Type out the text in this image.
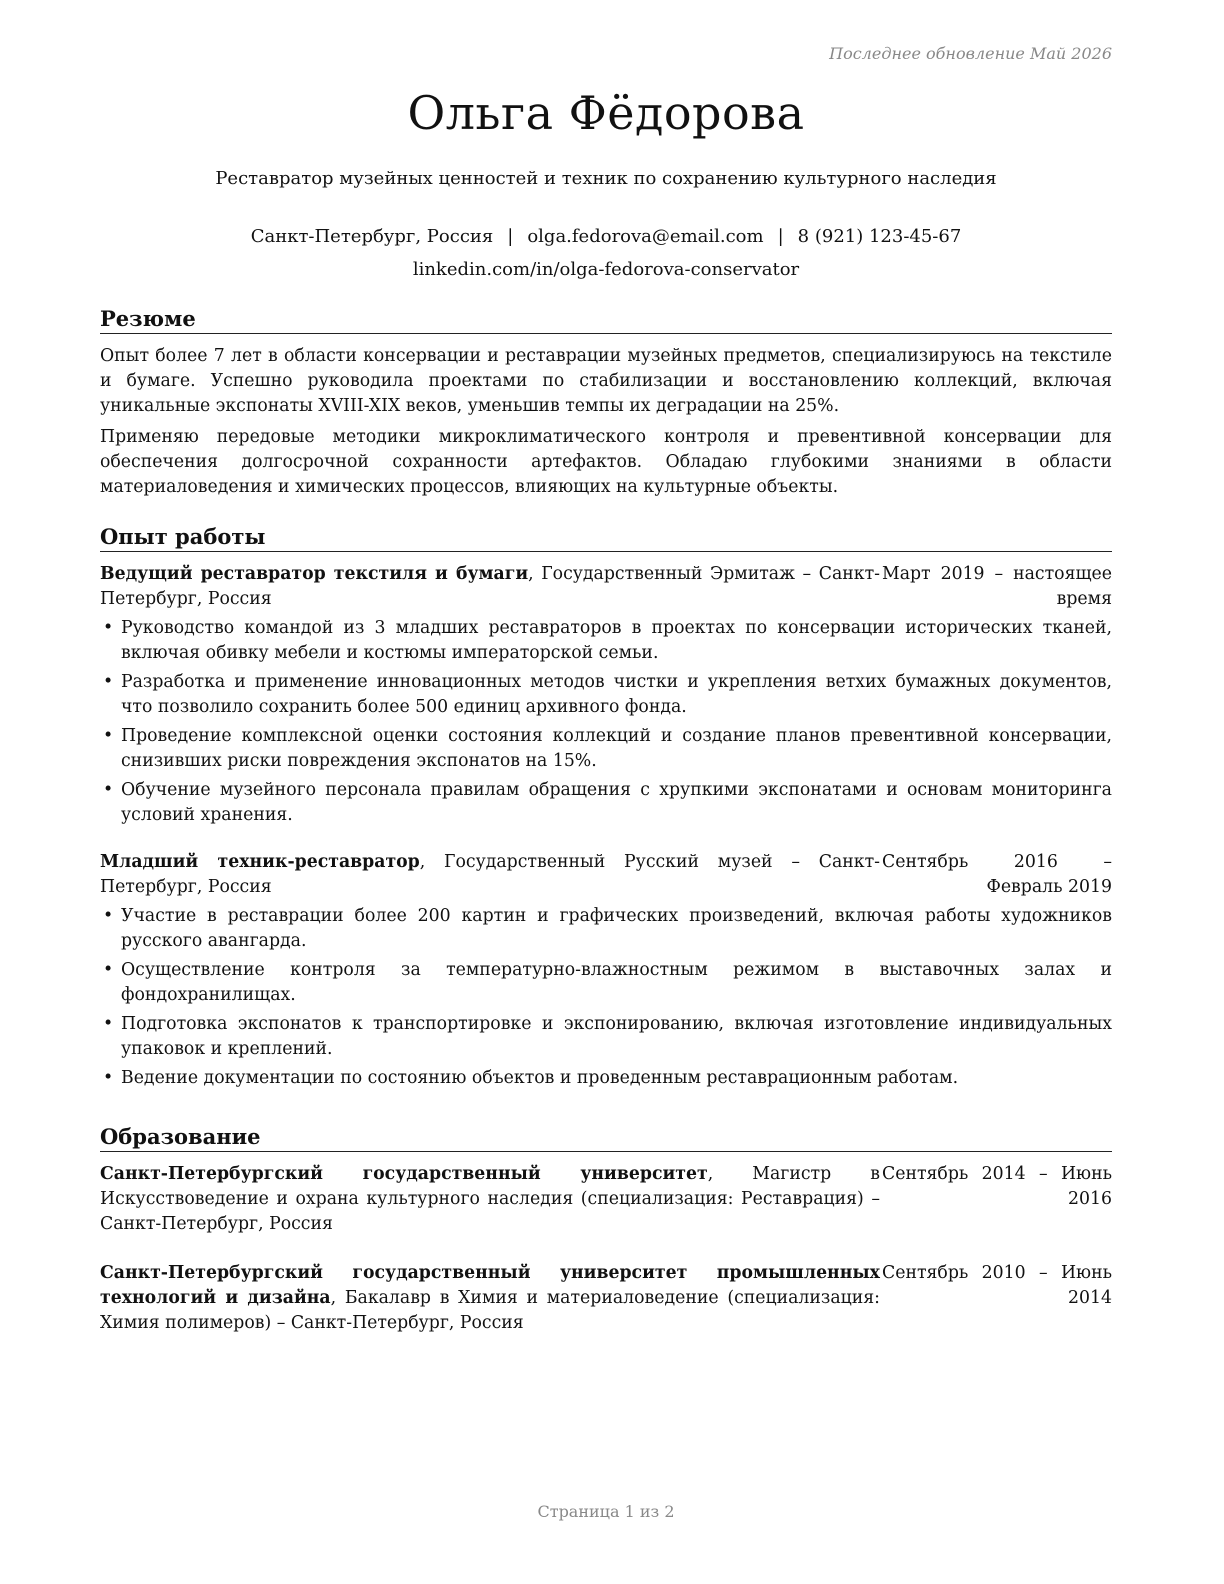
Последнее обновление Май 2026
Ольга Фёдорова
Реставратор музейных ценностей и техник по сохранению культурного наследия
Санкт-Петербург, Россия | olga.fedorova@email.com | 8 (921) 123-45-67
linkedin.com/in/olga-fedorova-conservator
Резюме

Опыт более 7 лет в области консервации и реставрации музейных предметов, специализируюсь на текстиле и бумаге. Успешно руководила проектами по стабилизации и восстановлению коллекций, включая уникальные экспонаты XVIII-XIX веков, уменьшив темпы их деградации на 25%.

Применяю передовые методики микроклиматического контроля и превентивной консервации для обеспечения долгосрочной сохранности артефактов. Обладаю глубокими знаниями в области материаловедения и химических процессов, влияющих на культурные объекты.

Опыт работы
Ведущий реставратор текстиля и бумаги, Государственный Эрмитаж – Санкт-Петербург, Россия
Март 2019 – настоящее время
• Руководство командой из 3 младших реставраторов в проектах по консервации исторических тканей, включая обивку мебели и костюмы императорской семьи.
• Разработка и применение инновационных методов чистки и укрепления ветхих бумажных документов, что позволило сохранить более 500 единиц архивного фонда.
• Проведение комплексной оценки состояния коллекций и создание планов превентивной консервации, снизивших риски повреждения экспонатов на 15%.
• Обучение музейного персонала правилам обращения с хрупкими экспонатами и основам мониторинга условий хранения.
Младший техник-реставратор, Государственный Русский музей – Санкт-Петербург, Россия
Сентябрь 2016 – Февраль 2019
• Участие в реставрации более 200 картин и графических произведений, включая работы художников русского авангарда.
• Осуществление контроля за температурно-влажностным режимом в выставочных залах и фондохранилищах.
• Подготовка экспонатов к транспортировке и экспонированию, включая изготовление индивидуальных упаковок и креплений.
• Ведение документации по состоянию объектов и проведенным реставрационным работам.
Образование
Санкт-Петербургский государственный университет, Магистр в Искусствоведение и охрана культурного наследия (специализация: Реставрация) – Санкт-Петербург, Россия
Сентябрь 2014 – Июнь 2016
Санкт-Петербургский государственный университет промышленных технологий и дизайна, Бакалавр в Химия и материаловедение (специализация: Химия полимеров) – Санкт-Петербург, Россия
Сентябрь 2010 – Июнь 2014
Страница 1 из 2
